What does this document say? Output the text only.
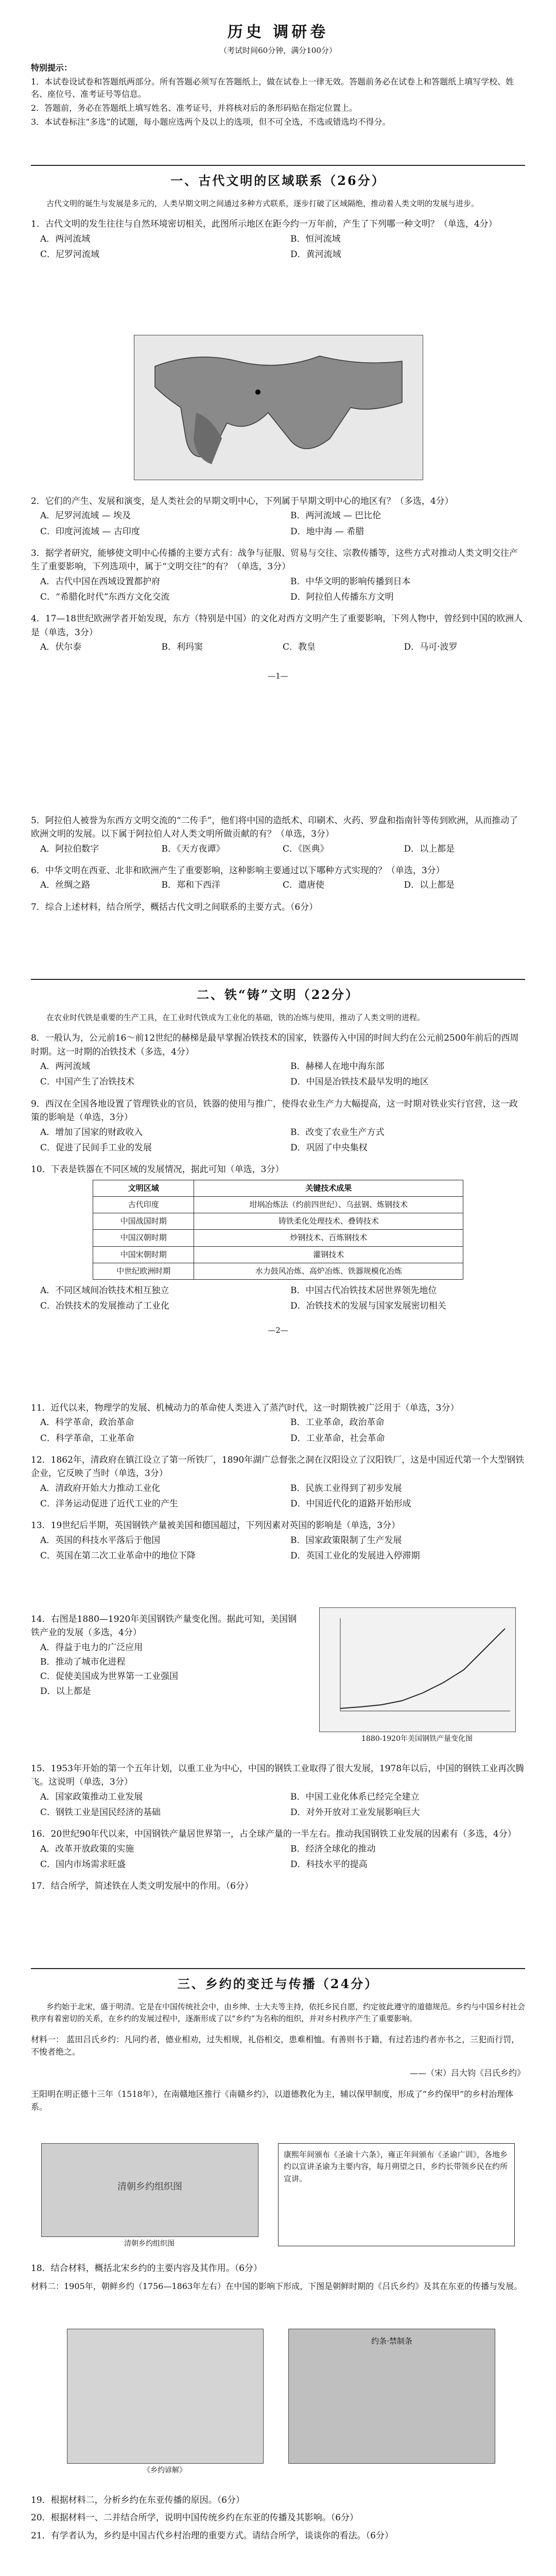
历史 调研卷
（考试时间60分钟，满分100分）

特别提示：

1．本试卷设试卷和答题纸两部分。所有答题必须写在答题纸上，做在试卷上一律无效。答题前务必在试卷上和答题纸上填写学校、姓名、座位号、准考证号等信息。

2．答题前，务必在答题纸上填写姓名、准考证号，并将核对后的条形码贴在指定位置上。

3．本试卷标注“多选”的试题，每小题应选两个及以上的选项，但不可全选，不选或错选均不得分。

一、古代文明的区域联系（26分）

古代文明的诞生与发展是多元的，人类早期文明之间通过多种方式联系，逐步打破了区域隔绝，推动着人类文明的发展与进步。

1．古代文明的发生往往与自然环境密切相关，此图所示地区在距今约一万年前，产生了下列哪一种文明？（单选，4分）

A．两河流域	B．恒河流域
C．尼罗河流域	D．黄河流域

2．它们的产生、发展和演变，是人类社会的早期文明中心，下列属于早期文明中心的地区有？（多选，4分）

A．尼罗河流域 — 埃及	B．两河流域 — 巴比伦
C．印度河流域 — 古印度	D．地中海 — 希腊

3．据学者研究，能够使文明中心传播的主要方式有：战争与征服、贸易与交往、宗教传播等，这些方式对推动人类文明交往产生了重要影响，下列选项中，属于“文明交往”的有？（单选，3分）

A．古代中国在西域设置都护府	B．中华文明的影响传播到日本
C．“希腊化时代”东西方文化交流	D．阿拉伯人传播东方文明

4．17—18世纪欧洲学者开始发现，东方（特别是中国）的文化对西方文明产生了重要影响，下列人物中，曾经到中国的欧洲人是（单选，3分）

A．伏尔泰	B．利玛窦	C．教皇	D．马可·波罗

—1—

5．阿拉伯人被誉为东西方文明交流的“二传手”，他们将中国的造纸术、印刷术、火药、罗盘和指南针等传到欧洲，从而推动了欧洲文明的发展。以下属于阿拉伯人对人类文明所做贡献的有？（单选，3分）

A．阿拉伯数字	B．《天方夜谭》	C．《医典》	D．以上都是

6．中华文明在西亚、北非和欧洲产生了重要影响，这种影响主要通过以下哪种方式实现的？（单选，3分）

A．丝绸之路	B．郑和下西洋	C．遣唐使	D．以上都是

7．综合上述材料，结合所学，概括古代文明之间联系的主要方式。（6分）

二、铁“铸”文明（22分）

在农业时代铁是重要的生产工具，在工业时代铁成为工业化的基础，铁的冶炼与使用，推动了人类文明的进程。

8．一般认为，公元前16～前12世纪的赫梯是最早掌握冶铁技术的国家，铁器传入中国的时间大约在公元前2500年前后的西周时期。这一时期的冶铁技术（多选，4分）

A．两河流域	B．赫梯人在地中海东部
C．中国产生了冶铁技术	D．中国是冶铁技术最早发明的地区

9．西汉在全国各地设置了管理铁业的官员，铁器的使用与推广，使得农业生产力大幅提高，这一时期对铁业实行官营，这一政策的影响是（单选，3分）

A．增加了国家的财政收入	B．改变了农业生产方式
C．促进了民间手工业的发展	D．巩固了中央集权

10．下表是铁器在不同区域的发展情况，据此可知（单选，3分）

文明区域	关键技术成果
古代印度	坩埚冶炼法（约前四世纪）、乌兹钢、炼钢技术
中国战国时期	铸铁柔化处理技术、叠铸技术
中国汉朝时期	炒钢技术、百炼钢技术
中国宋朝时期	灌钢技术
中世纪欧洲时期	水力鼓风冶炼、高炉冶炼、铁器规模化冶炼
A．不同区域间冶铁技术相互独立	B．中国古代冶铁技术居世界领先地位
C．冶铁技术的发展推动了工业化	D．冶铁技术的发展与国家发展密切相关

—2—

11．近代以来，物理学的发展、机械动力的革命使人类进入了蒸汽时代，这一时期铁被广泛用于（单选，3分）

A．科学革命，政治革命	B．工业革命，政治革命
C．科学革命，工业革命	D．工业革命，社会革命

12．1862年，清政府在镇江设立了第一所铁厂，1890年湖广总督张之洞在汉阳设立了汉阳铁厂，这是中国近代第一个大型钢铁企业，它反映了当时（单选，3分）

A．清政府开始大力推动工业化	B．民族工业得到了初步发展
C．洋务运动促进了近代工业的产生	D．中国近代化的道路开始形成

13．19世纪后半期，英国钢铁产量被美国和德国超过，下列因素对英国的影响是（单选，3分）

A．英国的科技水平落后于他国	B．国家政策限制了生产发展
C．英国在第二次工业革命中的地位下降	D．英国工业化的发展进入停滞期

14．右图是1880—1920年美国钢铁产量变化图。据此可知，美国钢铁产业的发展（多选，4分）

A．得益于电力的广泛应用
B．推动了城市化进程
C．促使美国成为世界第一工业强国
D．以上都是
1880-1920年美国钢铁产量变化图

15．1953年开始的第一个五年计划，以重工业为中心，中国的钢铁工业取得了很大发展，1978年以后，中国的钢铁工业再次腾飞。这说明（单选，3分）

A．国家政策推动工业发展	B．中国工业化体系已经完全建立
C．钢铁工业是国民经济的基础	D．对外开放对工业发展影响巨大

16．20世纪90年代以来，中国钢铁产量居世界第一，占全球产量的一半左右。推动我国钢铁工业发展的因素有（多选，4分）

A．改革开放政策的实施	B．经济全球化的推动
C．国内市场需求旺盛	D．科技水平的提高

17．结合所学，简述铁在人类文明发展中的作用。（6分）

三、乡约的变迁与传播（24分）

乡约始于北宋，盛于明清。它是在中国传统社会中，由乡绅、士大夫等主持，依托乡民自愿，约定彼此遵守的道德规范。乡约与中国乡村社会秩序有着密切的关系，在乡约的发展过程中，逐渐形成了以“乡约”为名称的组织，并对乡村秩序产生了重要影响。

材料一： 蓝田吕氏乡约：凡同约者，德业相劝，过失相规，礼俗相交，患难相恤。有善则书于籍，有过若违约者亦书之，三犯而行罚，不悛者绝之。

——（宋）吕大钧《吕氏乡约》

王阳明在明正德十三年（1518年），在南赣地区推行《南赣乡约》，以道德教化为主，辅以保甲制度，形成了“乡约保甲”的乡村治理体系。

清朝乡约组织图
清朝乡约组织图
康熙年间颁布《圣谕十六条》，雍正年间颁布《圣谕广训》，各地乡约以宣讲圣谕为主要内容，每月朔望之日，乡约长带领乡民在约所宣讲。

18．结合材料，概括北宋乡约的主要内容及其作用。（6分）

材料二：1905年，朝鲜乡约（1756—1863年左右）在中国的影响下形成，下图是朝鲜时期的《吕氏乡约》及其在东亚的传播与发展。

《乡约谚解》
约条·禁制条

19．根据材料二，分析乡约在东亚传播的原因。（6分）

20．根据材料一、二并结合所学，说明中国传统乡约在东亚的传播及其影响。（6分）

21．有学者认为，乡约是中国古代乡村治理的重要方式。请结合所学，谈谈你的看法。（6分）
